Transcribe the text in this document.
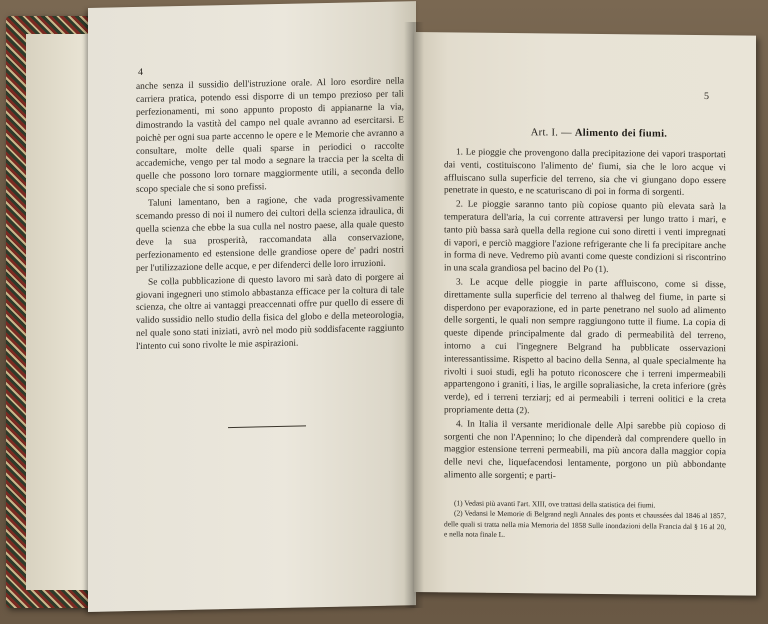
4

anche senza il sussidio dell'istruzione orale. Al loro esordire nella carriera pratica, potendo essi disporre di un tempo prezioso per tali perfezionamenti, mi sono appunto proposto di appianarne la via, dimostrando la vastità del campo nel quale avranno ad esercitarsi. E poichè per ogni sua parte accenno le opere e le Memorie che avranno a consultare, molte delle quali sparse in periodici o raccolte accademiche, vengo per tal modo a segnare la traccia per la scelta di quelle che possono loro tornare maggiormente utili, a seconda dello scopo speciale che si sono prefissi.

Taluni lamentano, ben a ragione, che vada progressivamente scemando presso di noi il numero dei cultori della scienza idraulica, di quella scienza che ebbe la sua culla nel nostro paese, alla quale questo deve la sua prosperità, raccomandata alla conservazione, perfezionamento ed estensione delle grandiose opere de' padri nostri per l'utilizzazione delle acque, e per difenderci delle loro irruzioni.

Se colla pubblicazione di questo lavoro mi sarà dato di porgere ai giovani ingegneri uno stimolo abbastanza efficace per la coltura di tale scienza, che oltre ai vantaggi preaccennati offre pur quello di essere di valido sussidio nello studio della fisica del globo e della meteorologia, nel quale sono stati iniziati, avrò nel modo più soddisfacente raggiunto l'intento cui sono rivolte le mie aspirazioni.

5
Art. I. — Alimento dei fiumi.

1. Le pioggie che provengono dalla precipitazione dei vapori trasportati dai venti, costituiscono l'alimento de' fiumi, sia che le loro acque vi affluiscano sulla superficie del terreno, sia che vi giungano dopo essere penetrate in questo, e ne scaturiscano di poi in forma di sorgenti.

2. Le pioggie saranno tanto più copiose quanto più elevata sarà la temperatura dell'aria, la cui corrente attraversi per lungo tratto i mari, e tanto più bassa sarà quella della regione cui sono diretti i venti impregnati di vapori, e perciò maggiore l'azione refrigerante che li fa precipitare anche in forma di neve. Vedremo più avanti come queste condizioni si riscontrino in una scala grandiosa pel bacino del Po (1).

3. Le acque delle pioggie in parte affluiscono, come si disse, direttamente sulla superficie del terreno al thalweg del fiume, in parte si disperdono per evaporazione, ed in parte penetrano nel suolo ad alimento delle sorgenti, le quali non sempre raggiungono tutte il fiume. La copia di queste dipende principalmente dal grado di permeabilità del terreno, intorno a cui l'ingegnere Belgrand ha pubblicate osservazioni interessantissime. Rispetto al bacino della Senna, al quale specialmente ha rivolti i suoi studi, egli ha potuto riconoscere che i terreni impermeabili appartengono i graniti, i lias, le argille sopraliasiche, la creta inferiore (grès verde), ed i terreni terziarj; ed ai permeabili i terreni oolitici e la creta propriamente detta (2).

4. In Italia il versante meridionale delle Alpi sarebbe più copioso di sorgenti che non l'Apennino; lo che dipenderà dal comprendere quello in maggior estensione terreni permeabili, ma più ancora dalla maggior copia delle nevi che, liquefacendosi lentamente, porgono un più abbondante alimento alle sorgenti; e parti-

(1) Vedasi più avanti l'art. XIII, ove trattasi della statistica dei fiumi.

(2) Vedansi le Memorie di Belgrand negli Annales des ponts et chaussées dal 1846 al 1857, delle quali si tratta nella mia Memoria del 1858 Sulle inondazioni della Francia dal § 16 al 20, e nella nota finale L.
